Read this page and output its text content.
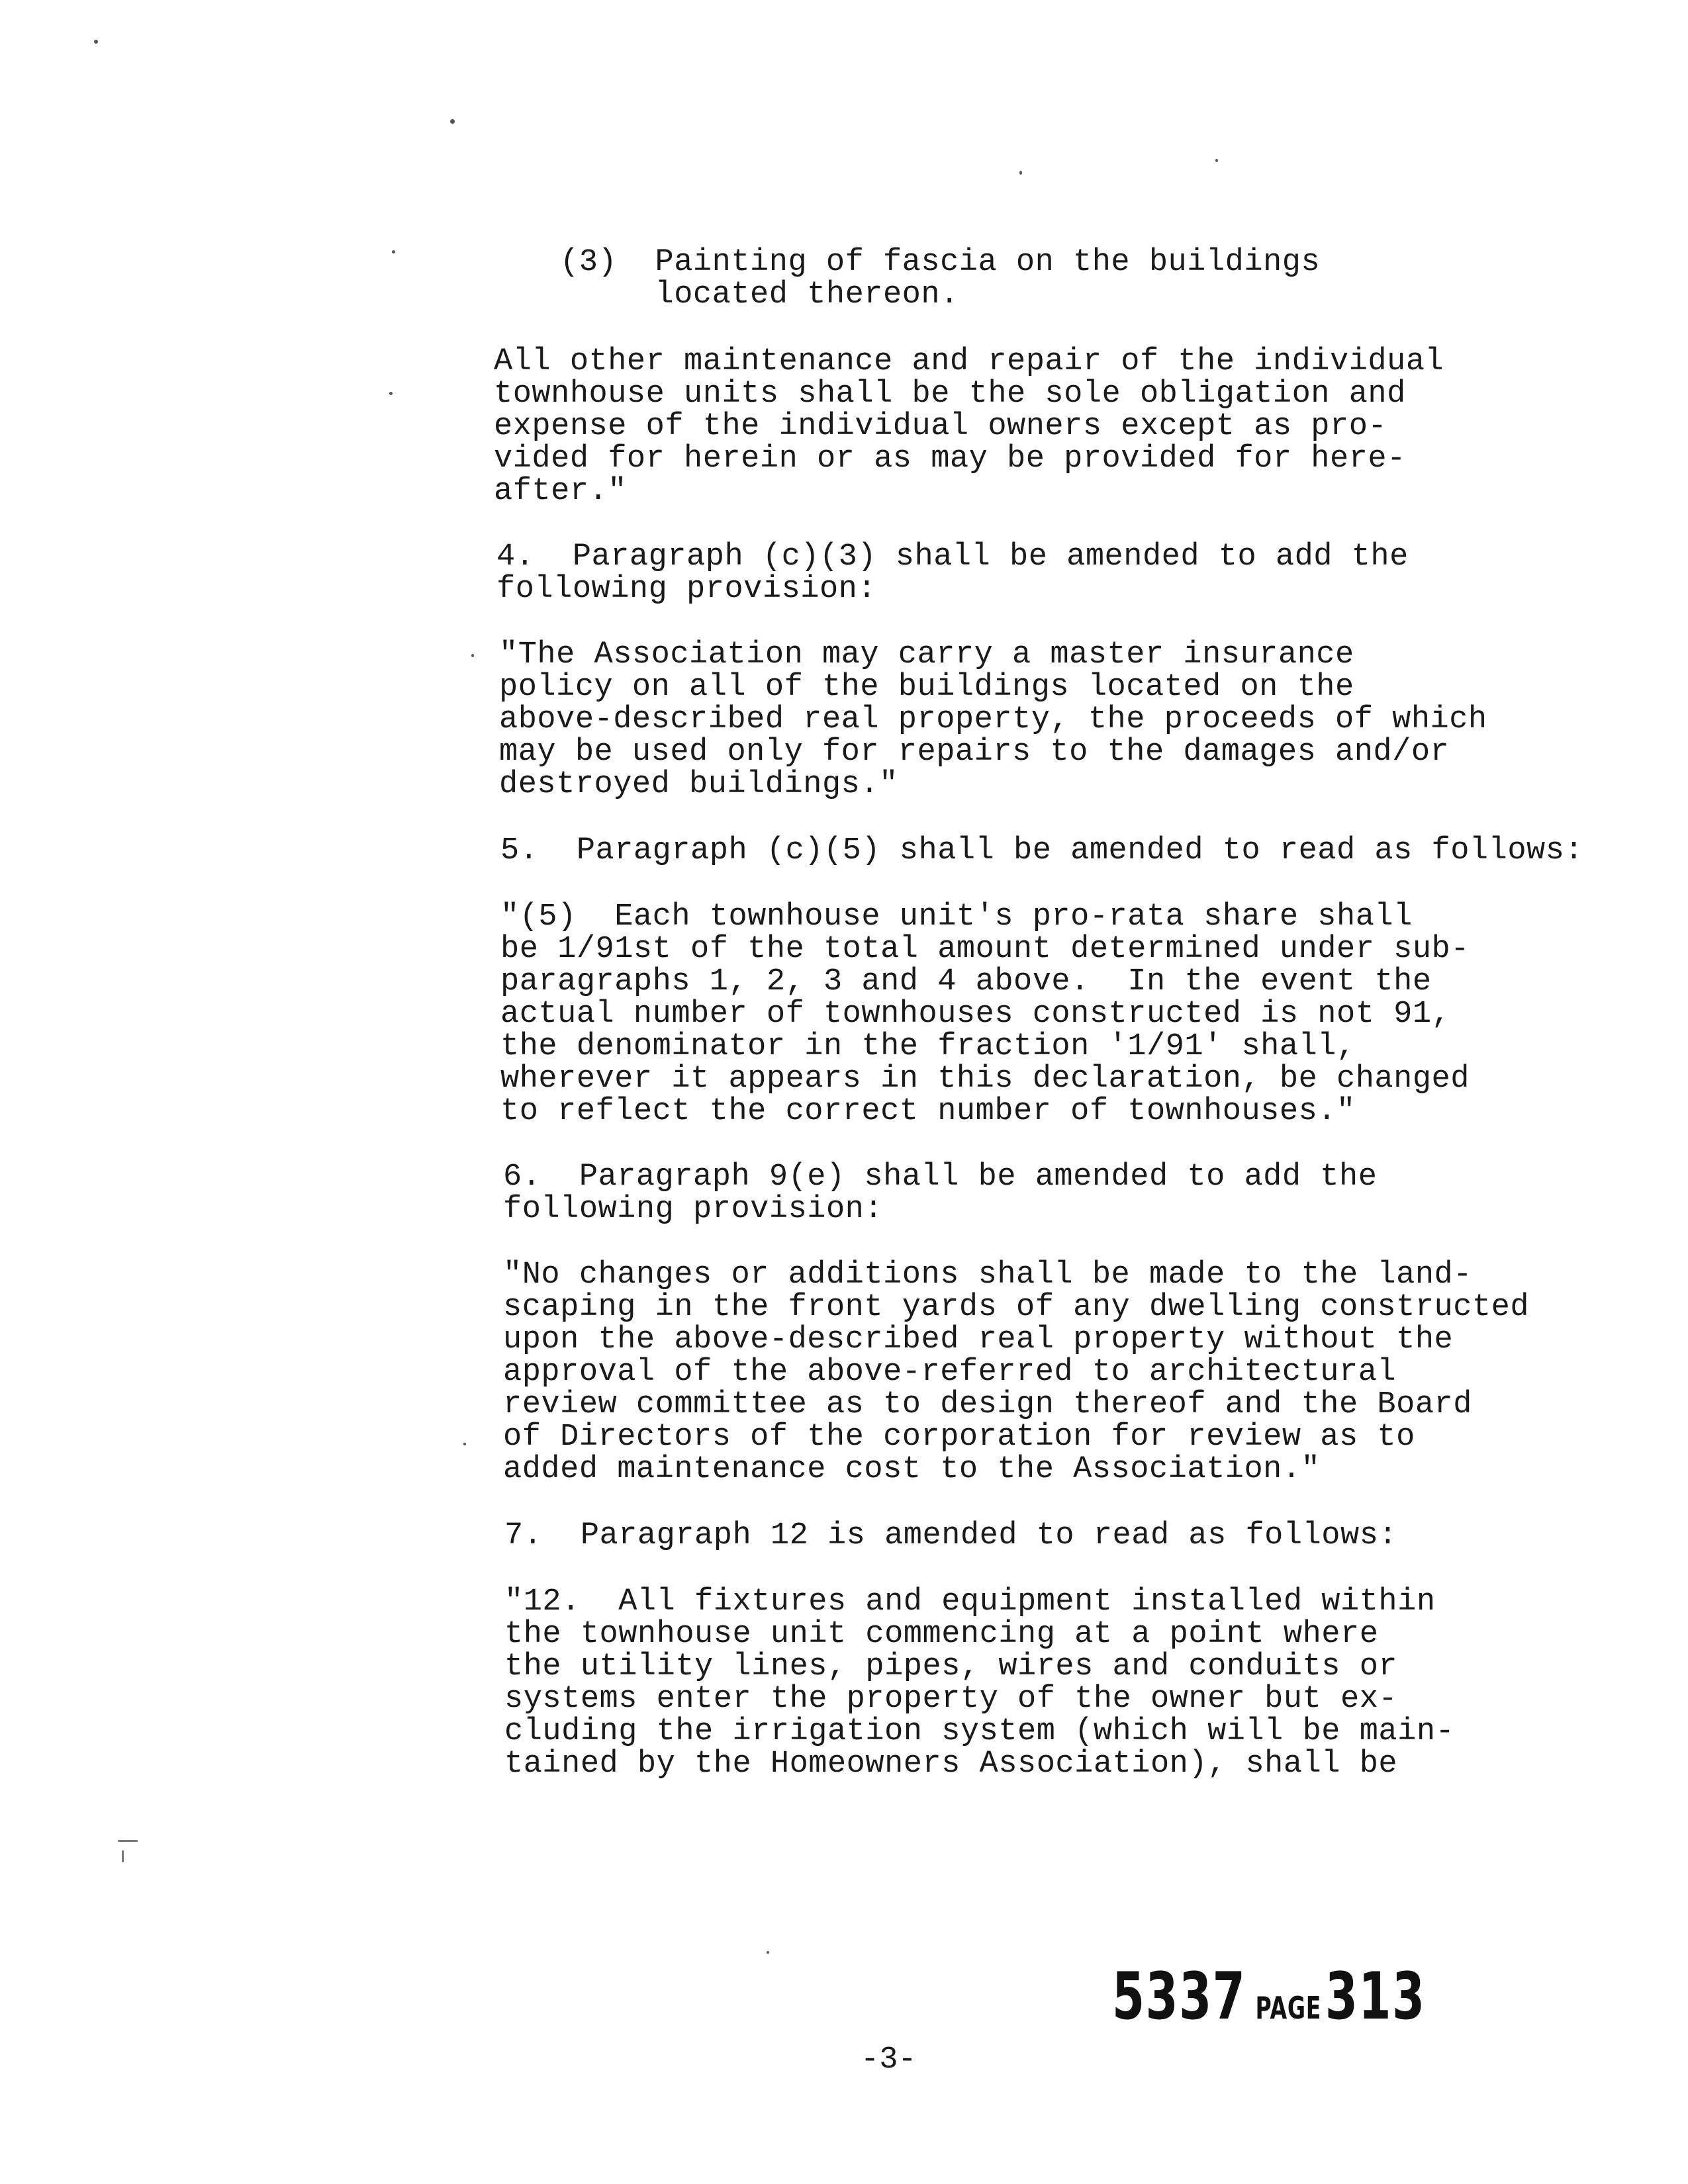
(3)  Painting of fascia on the buildings
located thereon.
All other maintenance and repair of the individual
townhouse units shall be the sole obligation and
expense of the individual owners except as pro-
vided for herein or as may be provided for here-
after."
4.  Paragraph (c)(3) shall be amended to add the
following provision:
"The Association may carry a master insurance
policy on all of the buildings located on the
above-described real property, the proceeds of which
may be used only for repairs to the damages and/or
destroyed buildings."
5.  Paragraph (c)(5) shall be amended to read as follows:
"(5)  Each townhouse unit's pro-rata share shall
be 1/91st of the total amount determined under sub-
paragraphs 1, 2, 3 and 4 above.  In the event the
actual number of townhouses constructed is not 91,
the denominator in the fraction '1/91' shall,
wherever it appears in this declaration, be changed
to reflect the correct number of townhouses."
6.  Paragraph 9(e) shall be amended to add the
following provision:
"No changes or additions shall be made to the land-
scaping in the front yards of any dwelling constructed
upon the above-described real property without the
approval of the above-referred to architectural
review committee as to design thereof and the Board
of Directors of the corporation for review as to
added maintenance cost to the Association."
7.  Paragraph 12 is amended to read as follows:
"12.  All fixtures and equipment installed within
the townhouse unit commencing at a point where
the utility lines, pipes, wires and conduits or
systems enter the property of the owner but ex-
cluding the irrigation system (which will be main-
tained by the Homeowners Association), shall be
5337 PAGE313
-3-
